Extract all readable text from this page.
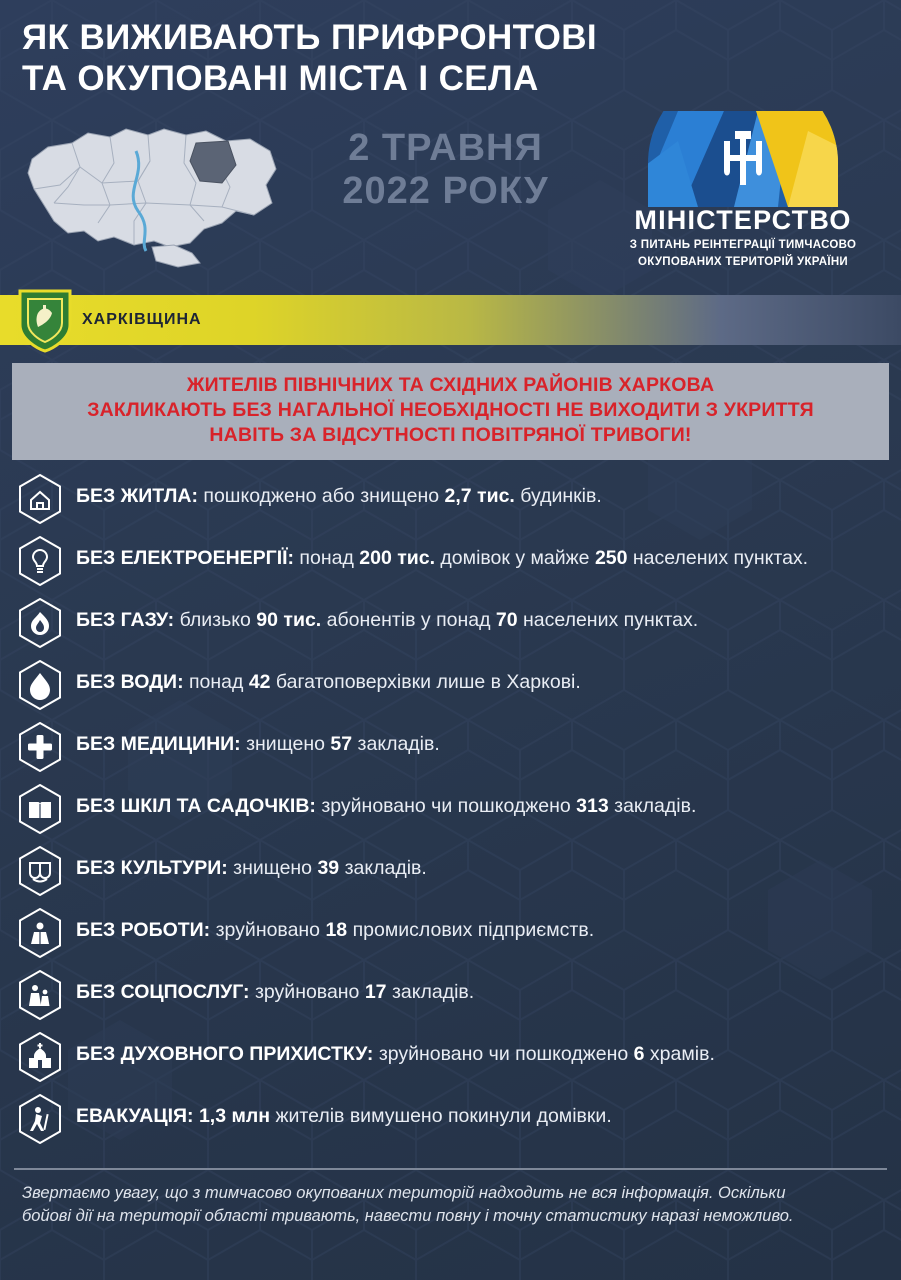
ЯК ВИЖИВАЮТЬ ПРИФРОНТОВІ
ТА ОКУПОВАНІ МІСТА І СЕЛА
2 ТРАВНЯ
2022 РОКУ
МІНІСТЕРСТВО
З ПИТАНЬ РЕІНТЕГРАЦІЇ ТИМЧАСОВО
ОКУПОВАНИХ ТЕРИТОРІЙ УКРАЇНИ
ХАРКІВЩИНА
ЖИТЕЛІВ ПІВНІЧНИХ ТА СХІДНИХ РАЙОНІВ ХАРКОВА
ЗАКЛИКАЮТЬ БЕЗ НАГАЛЬНОЇ НЕОБХІДНОСТІ НЕ ВИХОДИТИ З УКРИТТЯ
НАВІТЬ ЗА ВІДСУТНОСТІ ПОВІТРЯНОЇ ТРИВОГИ!
БЕЗ ЖИТЛА: пошкоджено або знищено 2,7 тис. будинків.
БЕЗ ЕЛЕКТРОЕНЕРГІЇ: понад 200 тис. домівок у майже 250 населених пунктах.
БЕЗ ГАЗУ: близько 90 тис. абонентів у понад 70 населених пунктах.
БЕЗ ВОДИ: понад 42 багатоповерхівки лише в Харкові.
БЕЗ МЕДИЦИНИ: знищено 57 закладів.
БЕЗ ШКІЛ ТА САДОЧКІВ: зруйновано чи пошкоджено 313 закладів.
БЕЗ КУЛЬТУРИ: знищено 39 закладів.
БЕЗ РОБОТИ: зруйновано 18 промислових підприємств.
БЕЗ СОЦПОСЛУГ: зруйновано 17 закладів.
БЕЗ ДУХОВНОГО ПРИХИСТКУ: зруйновано чи пошкоджено 6 храмів.
ЕВАКУАЦІЯ: 1,3 млн жителів вимушено покинули домівки.
Звертаємо увагу, що з тимчасово окупованих територій надходить не вся інформація. Оскільки
бойові дії на території області тривають, навести повну і точну статистику наразі неможливо.
